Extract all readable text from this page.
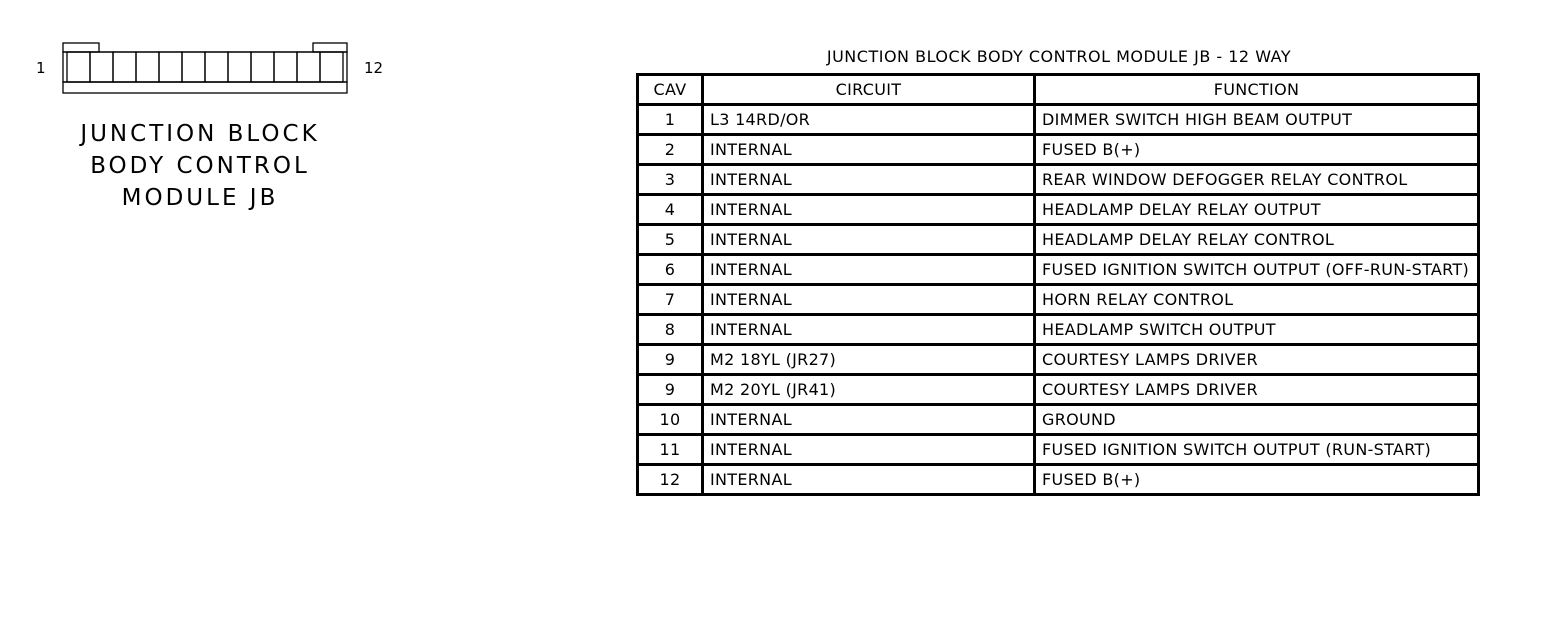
1	12
JUNCTION BLOCK
BODY CONTROL
MODULE JB
JUNCTION BLOCK BODY CONTROL MODULE JB - 12 WAY
CAV	CIRCUIT	FUNCTION
1	L3 14RD/OR	DIMMER SWITCH HIGH BEAM OUTPUT
2	INTERNAL	FUSED B(+)
3	INTERNAL	REAR WINDOW DEFOGGER RELAY CONTROL
4	INTERNAL	HEADLAMP DELAY RELAY OUTPUT
5	INTERNAL	HEADLAMP DELAY RELAY CONTROL
6	INTERNAL	FUSED IGNITION SWITCH OUTPUT (OFF-RUN-START)
7	INTERNAL	HORN RELAY CONTROL
8	INTERNAL	HEADLAMP SWITCH OUTPUT
9	M2 18YL (JR27)	COURTESY LAMPS DRIVER
9	M2 20YL (JR41)	COURTESY LAMPS DRIVER
10	INTERNAL	GROUND
11	INTERNAL	FUSED IGNITION SWITCH OUTPUT (RUN-START)
12	INTERNAL	FUSED B(+)
